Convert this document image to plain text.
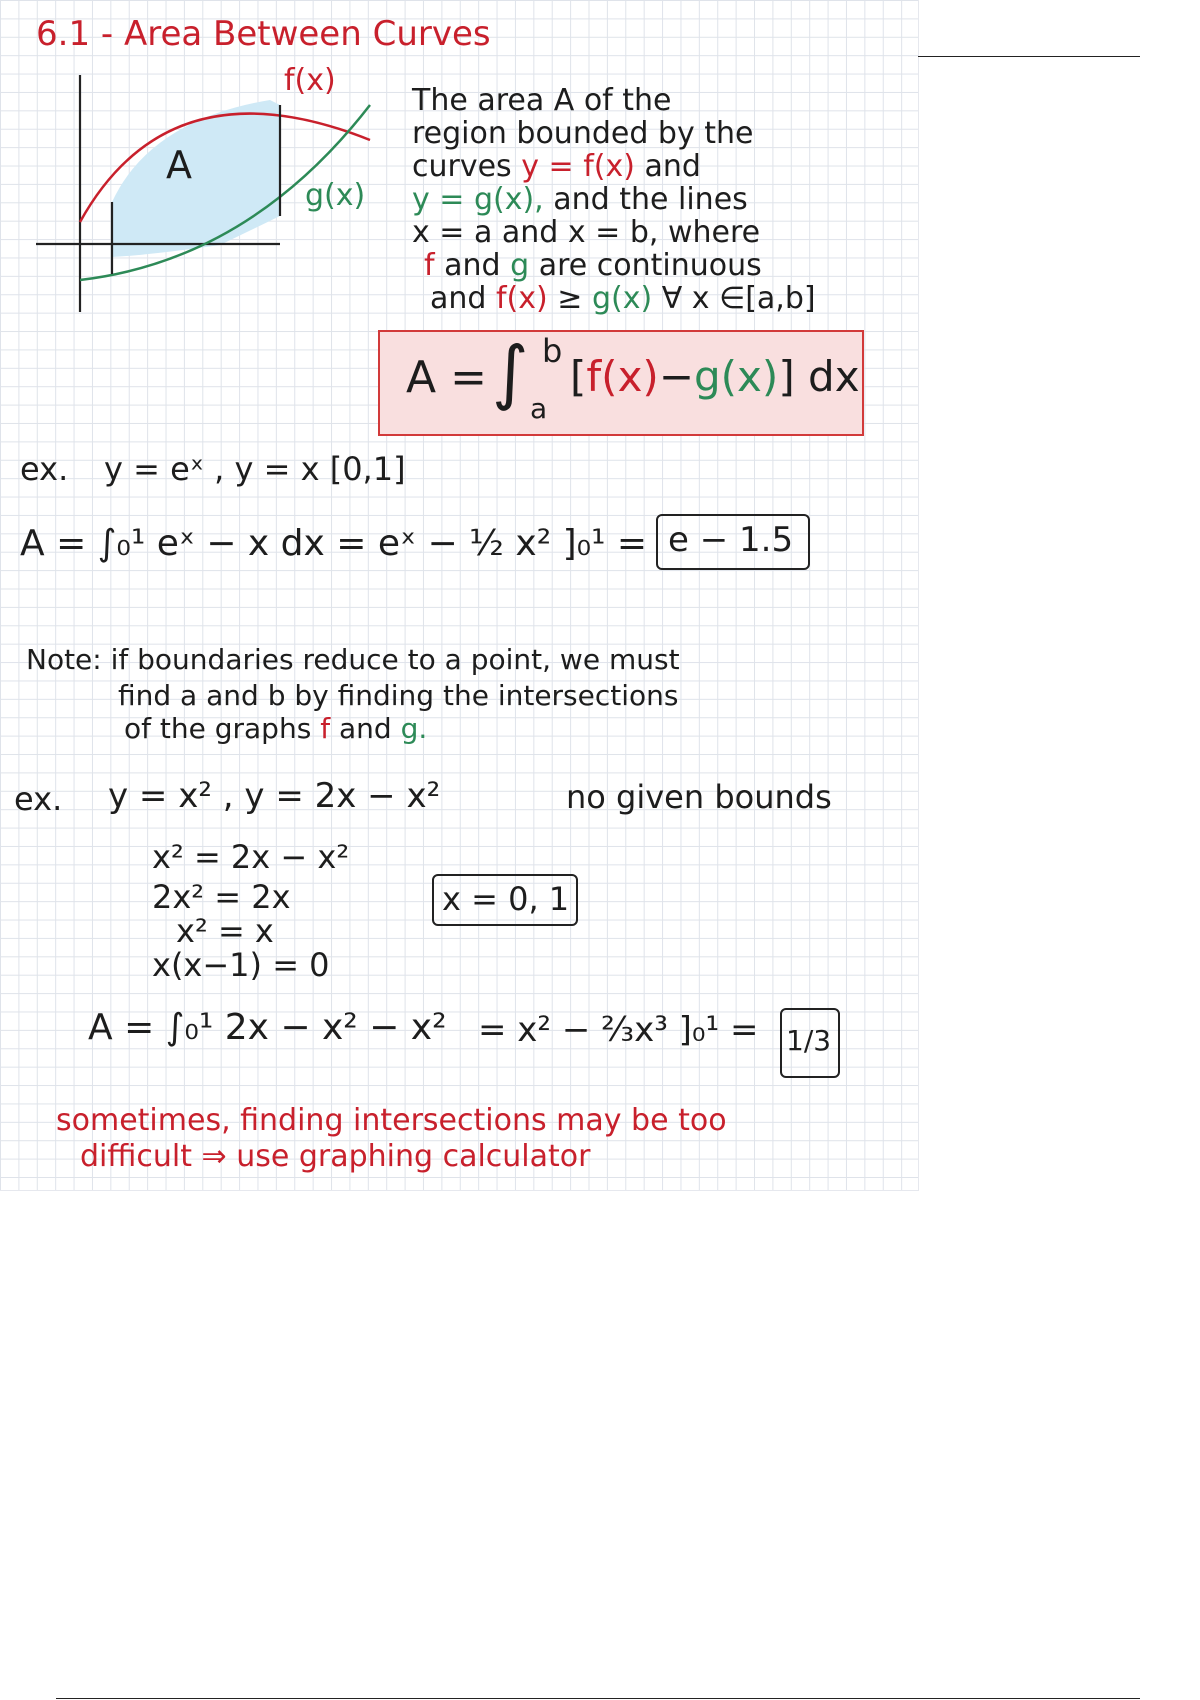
6.1 - Area Between Curves
f(x)
g(x)
A
The area A of the
region bounded by the
curves y = f(x) and
y = g(x), and the lines
x = a and x = b, where
f and g are continuous
and f(x) ≥ g(x) ∀ x ∈[a,b]
A = ∫ b
a
[f(x)−g(x)] dx
ex. y = eˣ , y = x [0,1]
A = ∫₀¹ eˣ − x dx = eˣ − ½ x² ]₀¹ = e − 1.5
Note: if boundaries reduce to a point, we must
find a and b by finding the intersections
of the graphs f and g.
ex. y = x² , y = 2x − x²	no given bounds
x² = 2x − x²
2x² = 2x
x² = x
x(x−1) = 0
x = 0, 1
A = ∫₀¹ 2x − x² − x² = x² − ⅔x³ ]₀¹ = 1/3
sometimes, finding intersections may be too
difficult ⇒ use graphing calculator
